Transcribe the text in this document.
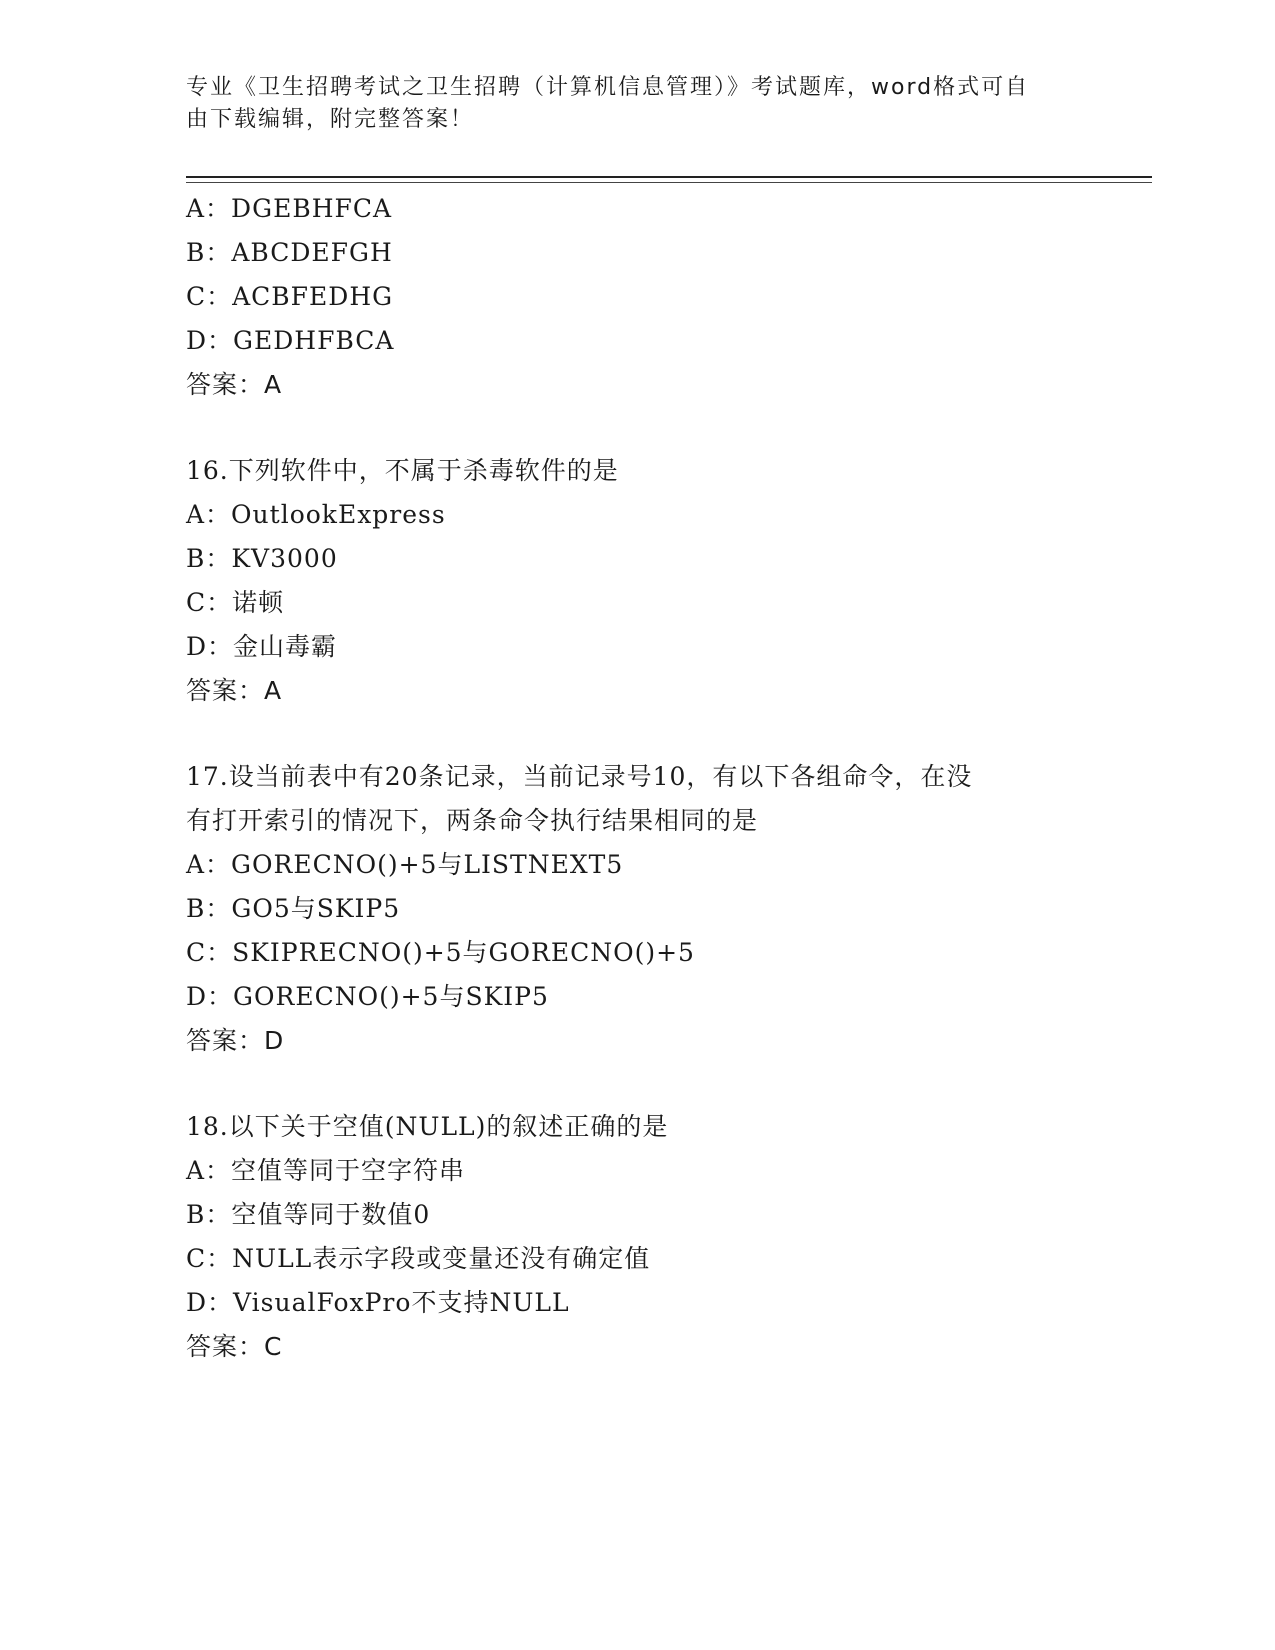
专业《卫生招聘考试之卫生招聘（计算机信息管理）》考试题库，word格式可自
由下载编辑，附完整答案！
A：DGEBHFCA
B：ABCDEFGH
C：ACBFEDHG
D：GEDHFBCA
答案：A
16.下列软件中，不属于杀毒软件的是
A：OutlookExpress
B：KV3000
C：诺顿
D：金山毒霸
答案：A
17.设当前表中有20条记录，当前记录号10，有以下各组命令，在没
有打开索引的情况下，两条命令执行结果相同的是
A：GORECNO()+5与LISTNEXT5
B：GO5与SKIP5
C：SKIPRECNO()+5与GORECNO()+5
D：GORECNO()+5与SKIP5
答案：D
18.以下关于空值(NULL)的叙述正确的是
A：空值等同于空字符串
B：空值等同于数值0
C：NULL表示字段或变量还没有确定值
D：VisualFoxPro不支持NULL
答案：C
